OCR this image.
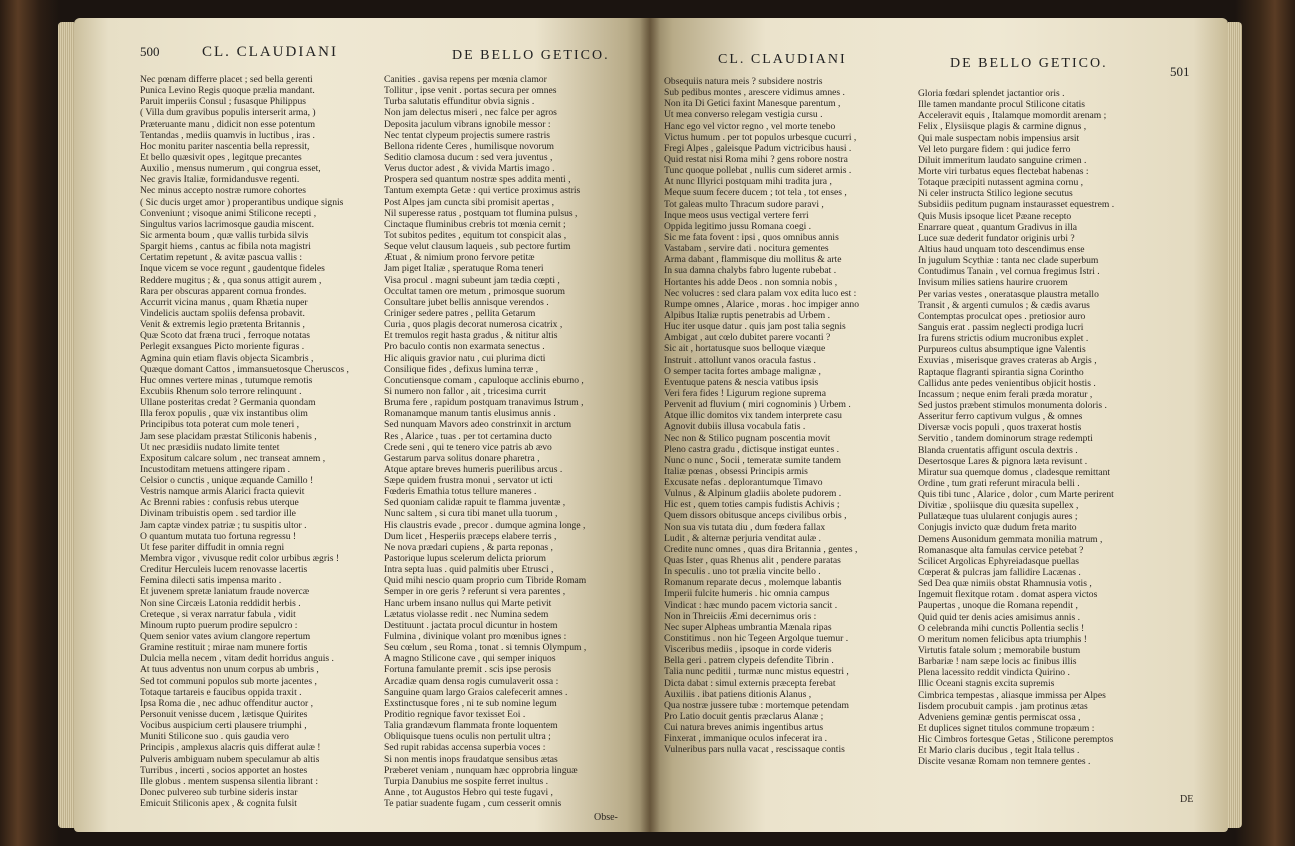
500	CL. CLAUDIANI	DE BELLO GETICO.
Nec pœnam differre placet ; sed bella gerenti
Punica Levino Regis quoque prælia mandant.
Paruit imperiis Consul ; fusasque Philippus
( Villa dum gravibus populis interserit arma, )
Præteruante manu , didicit non esse potentum
Tentandas , mediis quamvis in luctibus , iras .
Hoc monitu pariter nascentia bella repressit,
Et bello quæsivit opes , legitque precantes
Auxilio , mensus numerum , qui congrua esset,
Nec gravis Italiæ, formidandusve regenti.
Nec minus accepto nostræ rumore cohortes
( Sic ducis urget amor ) properantibus undique signis
Conveniunt ; visoque animi Stilicone recepti ,
Singultus varios lacrimosque gaudia miscent.
Sic armenta boum , quæ vallis turbida silvis
Spargit hiems , cantus ac fibila nota magistri
Certatim repetunt , & avitæ pascua vallis :
Inque vicem se voce regunt , gaudentque fideles
Reddere mugitus ; & , qua sonus attigit aurem ,
Rara per obscuras apparent cornua frondes.
Accurrit vicina manus , quam Rhætia nuper
Vindelicis auctam spoliis defensa probavit.
Venit & extremis legio prætenta Britannis ,
Quæ Scoto dat fræna truci , ferroque notatas
Perlegit exsangues Picto moriente figuras .
Agmina quin etiam flavis objecta Sicambris ,
Quæque domant Cattos , immansuetosque Cheruscos ,
Huc omnes vertere minas , tutumque remotis
Excubiis Rhenum solo terrore relinquunt .
Ullane posteritas credat ? Germania quondam
Illa ferox populis , quæ vix instantibus olim
Principibus tota poterat cum mole teneri ,
Jam sese placidam præstat Stiliconis habenis ,
Ut nec præsidiis nudato limite tentet
Expositum calcare solum , nec transeat amnem ,
Incustoditam metuens attingere ripam .
Celsior o cunctis , unique æquande Camillo !
Vestris namque armis Alarici fracta quievit
Ac Brenni rabies : confusis rebus uterque
Divinam tribuistis opem . sed tardior ille
Jam captæ vindex patriæ ; tu suspitis ultor .
O quantum mutata tuo fortuna regressu !
Ut fese pariter diffudit in omnia regni
Membra vigor , vivusque redit color urbibus ægris !
Creditur Herculeis lucem renovasse lacertis
Femina dilecti satis impensa marito .
Et juvenem spretæ laniatum fraude novercæ
Non sine Circæis Latonia reddidit herbis .
Creteque , si verax narratur fabula , vidit
Minoum rupto puerum prodire sepulcro :
Quem senior vates avium clangore repertum
Gramine restituit ; mirae nam munere fortis
Dulcia mella necem , vitam dedit horridus anguis .
At tuus adventus non unum corpus ab umbris ,
Sed tot communi populos sub morte jacentes ,
Totaque tartareis e faucibus oppida traxit .
Ipsa Roma die , nec adhuc offenditur auctor ,
Personuit venisse ducem , lætisque Quirites
Vocibus auspicium certi plausere triumphi ,
Muniti Stilicone suo . quis gaudia vero
Principis , amplexus alacris quis differat aulæ !
Pulveris ambiguam nubem speculamur ab altis
Turribus , incerti , socios apportet an hostes
Ille globus . mentem suspensa silentia librant :
Donec pulvereo sub turbine sideris instar
Emicuit Stiliconis apex , & cognita fulsit
Canities . gavisa repens per mœnia clamor
Tollitur , ipse venit . portas secura per omnes
Turba salutatis effunditur obvia signis .
Non jam delectus miseri , nec falce per agros
Deposita jaculum vibrans ignobile messor :
Nec tentat clypeum projectis sumere rastris
Bellona ridente Ceres , humilisque novorum
Seditio clamosa ducum : sed vera juventus ,
Verus ductor adest , & vivida Martis imago .
Prospera sed quantum nostræ spes addita menti ,
Tantum exempta Getæ : qui vertice proximus astris
Post Alpes jam cuncta sibi promisit apertas ,
Nil superesse ratus , postquam tot flumina pulsus ,
Cinctaque fluminibus crebris tot mœnia cernit ;
Tot subitos pedites , equitum tot conspicit alas ,
Seque velut clausum laqueis , sub pectore furtim
Ætuat , & nimium prono fervore petitæ
Jam piget Italiæ , speratuque Roma teneri
Visa procul . magni subeunt jam tædia cœpti ,
Occultat tamen ore metum , primosque suorum
Consultare jubet bellis annisque verendos .
Criniger sedere patres , pellita Getarum
Curia , quos plagis decorat numerosa cicatrix ,
Et tremulos regit hasta gradus , & nititur altis
Pro baculo contis non exarmata senectus .
Hic aliquis gravior natu , cui plurima dicti
Consilique fides , defixus lumina terræ ,
Concutiensque comam , capuloque acclinis eburno ,
Si numero non fallor , ait , tricesima currit
Bruma fere , rapidum postquam tranavimus Istrum ,
Romanamque manum tantis elusimus annis .
Sed nunquam Mavors adeo constrinxit in arctum
Res , Alarice , tuas . per tot certamina ducto
Crede seni , qui te tenero vice patris ab ævo
Gestarum parva solitus donare pharetra ,
Atque aptare breves humeris puerilibus arcus .
Sæpe quidem frustra monui , servator ut icti
Fœderis Emathia totus tellure maneres .
Sed quoniam calidæ rapuit te flamma juventæ ,
Nunc saltem , si cura tibi manet ulla tuorum ,
His claustris evade , precor . dumque agmina longe ,
Dum licet , Hesperiis præceps elabere terris ,
Ne nova prædari cupiens , & parta reponas ,
Pastorique lupus scelerum delicta priorum
Intra septa luas . quid palmitis uber Etrusci ,
Quid mihi nescio quam proprio cum Tibride Romam
Semper in ore geris ? referunt si vera parentes ,
Hanc urbem insano nullus qui Marte petivit
Lætatus violasse redit . nec Numina sedem
Destituunt . jactata procul dicuntur in hostem
Fulmina , divinique volant pro mœnibus ignes :
Seu cœlum , seu Roma , tonat . si temnis Olympum ,
A magno Stilicone cave , qui semper iniquos
Fortuna famulante premit . scis ipse perosis
Arcadiæ quam densa rogis cumulaverit ossa :
Sanguine quam largo Graios calefecerit amnes .
Exstinctusque fores , ni te sub nomine legum
Proditio regnique favor texisset Eoi .
Talia grandævum flammata fronte loquentem
Obliquisque tuens oculis non pertulit ultra ;
Sed rupit rabidas accensa superbia voces :
Si non mentis inops fraudatque sensibus ætas
Præberet veniam , nunquam hæc opprobria linguæ
Turpia Danubius me sospite ferret inultus .
Anne , tot Augustos Hebro qui teste fugavi ,
Te patiar suadente fugam , cum cesserit omnis
Obse-
CL. CLAUDIANI	DE BELLO GETICO.
501
Obsequiis natura meis ? subsidere nostris
Sub pedibus montes , arescere vidimus amnes .
Non ita Di Getici faxint Manesque parentum ,
Ut mea converso relegam vestigia cursu .
Hanc ego vel victor regno , vel morte tenebo
Victus humum . per tot populos urbesque cucurri ,
Fregi Alpes , galeisque Padum victricibus hausi .
Quid restat nisi Roma mihi ? gens robore nostra
Tunc quoque pollebat , nullis cum sideret armis .
At nunc Illyrici postquam mihi tradita jura ,
Meque suum fecere ducem ; tot tela , tot enses ,
Tot galeas multo Thracum sudore paravi ,
Inque meos usus vectigal vertere ferri
Oppida legitimo jussu Romana coegi .
Sic me fata fovent : ipsi , quos omnibus annis
Vastabam , servire dati . nocitura gementes
Arma dabant , flammisque diu mollitus & arte
In sua damna chalybs fabro lugente rubebat .
Hortantes his adde Deos . non somnia nobis ,
Nec volucres : sed clara palam vox edita luco est :
Rumpe omnes , Alarice , moras . hoc impiger anno
Alpibus Italiæ ruptis penetrabis ad Urbem .
Huc iter usque datur . quis jam post talia segnis
Ambigat , aut cœlo dubitet parere vocanti ?
Sic ait , hortatusque suos belloque viæque
Instruit . attollunt vanos oracula fastus .
O semper tacita fortes ambage malignæ ,
Eventuque patens & nescia vatibus ipsis
Veri fera fides ! Ligurum regione suprema
Pervenit ad fluvium ( miri cognominis ) Urbem .
Atque illic domitos vix tandem interprete casu
Agnovit dubiis illusa vocabula fatis .
Nec non & Stilico pugnam poscentia movit
Pleno castra gradu , dictisque instigat euntes .
Nunc o nunc , Socii , temeratæ sumite tandem
Italiæ pœnas , obsessi Principis armis
Excusate nefas . deplorantumque Timavo
Vulnus , & Alpinum gladiis abolete pudorem .
Hic est , quem toties campis fudistis Achivis ;
Quem dissors obitusque anceps civilibus orbis ,
Non sua vis tutata diu , dum fœdera fallax
Ludit , & alternæ perjuria venditat aulæ .
Credite nunc omnes , quas dira Britannia , gentes ,
Quas Ister , quas Rhenus alit , pendere paratas
In speculis . uno tot prælia vincite bello .
Romanum reparate decus , molemque labantis
Imperii fulcite humeris . hic omnia campus
Vindicat : hæc mundo pacem victoria sancit .
Non in Threiciis Æmi decernimus oris :
Nec super Alpheas umbrantia Mænala ripas
Constitimus . non hic Tegeen Argolque tuemur .
Visceribus mediis , ipsoque in corde videris
Bella geri . patrem clypeis defendite Tibrin .
Talia nunc peditii , turmæ nunc mistus equestri ,
Dicta dabat : simul externis præcepta ferebat
Auxiliis . ibat patiens ditionis Alanus ,
Qua nostræ jussere tubæ : mortemque petendam
Pro Latio docuit gentis præclarus Alanæ ;
Cui natura breves animis ingentibus artus
Finxerat , immanique oculos infecerat ira .
Vulneribus pars nulla vacat , rescissaque contis
Gloria fœdari splendet jactantior oris .
Ille tamen mandante procul Stilicone citatis
Acceleravit equis , Italamque momordit arenam ;
Felix , Elysiisque plagis & carmine dignus ,
Qui male suspectam nobis impensius arsit
Vel leto purgare fidem : qui judice ferro
Diluit immeritum laudato sanguine crimen .
Morte viri turbatus eques flectebat habenas :
Totaque præcipiti nutassent agmina cornu ,
Ni celer instructa Stilico legione secutus
Subsidiis peditum pugnam instaurasset equestrem .
Quis Musis ipsoque licet Pæane recepto
Enarrare queat , quantum Gradivus in illa
Luce suæ dederit fundator originis urbi ?
Altius haud unquam toto descendimus ense
In jugulum Scythiæ : tanta nec clade superbum
Contudimus Tanain , vel cornua fregimus Istri .
Invisum milies satiens haurire cruorem
Per varias vestes , oneratasque plaustra metallo
Transit , & argenti cumulos ; & cædis avarus
Contemptas proculcat opes . pretiosior auro
Sanguis erat . passim neglecti prodiga lucri
Ira furens strictis odium mucronibus explet .
Purpureos cultus absumptique igne Valentis
Exuvias , miserisque graves crateras ab Argis ,
Raptaque flagranti spirantia signa Corintho
Callidus ante pedes venientibus objicit hostis .
Incassum ; neque enim ferali præda moratur ,
Sed justos præbent stimulos monumenta doloris .
Asseritur ferro captivum vulgus , & omnes
Diversæ vocis populi , quos traxerat hostis
Servitio , tandem dominorum strage redempti
Blanda cruentatis affigunt oscula dextris .
Desertosque Lares & pignora læta revisunt .
Miratur sua quemque domus , cladesque remittant
Ordine , tum grati referunt miracula belli .
Quis tibi tunc , Alarice , dolor , cum Marte perirent
Divitiæ , spoliisque diu quæsita supellex ,
Pullatæque tuas ulularent conjugis aures ;
Conjugis invicto quæ dudum freta marito
Demens Ausonidum gemmata monilia matrum ,
Romanasque alta famulas cervice petebat ?
Scilicet Argolicas Ephyreiadasque puellas
Cœperat & pulcras jam fallidire Lacænas .
Sed Dea quæ nimiis obstat Rhamnusia votis ,
Ingemuit flexitque rotam . domat aspera victos
Paupertas , unoque die Romana rependit ,
Quid quid ter denis acies amisimus annis .
O celebranda mihi cunctis Pollentia seclis !
O meritum nomen felicibus apta triumphis !
Virtutis fatale solum ; memorabile bustum
Barbariæ ! nam sæpe locis ac finibus illis
Plena lacessito reddit vindicta Quirino .
Illic Oceani stagnis excita supremis
Cimbrica tempestas , aliasque immissa per Alpes
Iisdem procubuit campis . jam protinus ætas
Adveniens geminæ gentis permiscat ossa ,
Et duplices signet titulos commune tropæum :
Hic Cimbros fortesque Getas , Stilicone peremptos
Et Mario claris ducibus , tegit Itala tellus .
Discite vesanæ Romam non temnere gentes .
DE
